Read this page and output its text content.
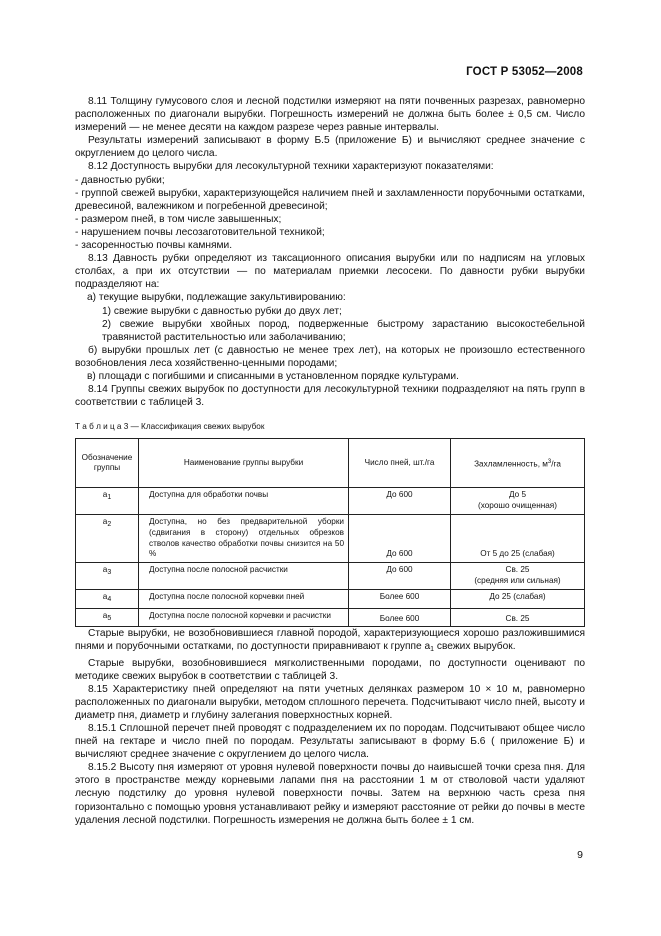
ГОСТ Р 53052—2008

8.11 Толщину гумусового слоя и лесной подстилки измеряют на пяти почвенных разрезах, равномерно расположенных по диагонали вырубки. Погрешность измерений не должна быть более ± 0,5 см. Число измерений — не менее десяти на каждом разрезе через равные интервалы.

Результаты измерений записывают в форму Б.5 (приложение Б) и вычисляют среднее значение с округлением до целого числа.

8.12 Доступность вырубки для лесокультурной техники характеризуют показателями:

- давностью рубки;

- группой свежей вырубки, характеризующейся наличием пней и захламленности порубочными остатками, древесиной, валежником и погребенной древесиной;

- размером пней, в том числе завышенных;

- нарушением почвы лесозаготовительной техникой;

- засоренностью почвы камнями.

8.13 Давность рубки определяют из таксационного описания вырубки или по надписям на угловых столбах, а при их отсутствии — по материалам приемки лесосеки. По давности рубки вырубки подразделяют на:

а) текущие вырубки, подлежащие закультивированию:

1) свежие вырубки с давностью рубки до двух лет;

2) свежие вырубки хвойных пород, подверженные быстрому зарастанию высокостебельной травянистой растительностью или заболачиванию;

б) вырубки прошлых лет (с давностью не менее трех лет), на которых не произошло естественного возобновления леса хозяйственно-ценными породами;

в) площади с погибшими и списанными в установленном порядке культурами.

8.14 Группы свежих вырубок по доступности для лесокультурной техники подразделяют на пять групп в соответствии с таблицей 3.

Т а б л и ц а 3 — Классификация свежих вырубок
Обозначение группы	Наименование группы вырубки	Число пней, шт./га	Захламленность, $м^3/га$
$а_1$	Доступна для обработки почвы	До 600	До 5
(хорошо очищенная)

$а_2$	Доступна, но без предварительной уборки (сдвигания в сторону) отдельных обрезков стволов качество обработки почвы снизится на 50 %	До 600	От 5 до 25 (слабая)
$а_3$	Доступна после полосной расчистки	До 600	Св. 25
(средняя или сильная)

$а_4$	Доступна после полосной корчевки пней	Более 600	До 25 (слабая)
$а_5$	Доступна после полосной корчевки и расчистки	Более 600	Св. 25

Старые вырубки, не возобновившиеся главной породой, характеризующиеся хорошо разложившимися пнями и порубочными остатками, по доступности приравнивают к группе $а_1$ свежих вырубок.

Старые вырубки, возобновившиеся мягколиственными породами, по доступности оценивают по методике свежих вырубок в соответствии с таблицей 3.

8.15 Характеристику пней определяют на пяти учетных делянках размером 10 × 10 м, равномерно расположенных по диагонали вырубки, методом сплошного перечета. Подсчитывают число пней, высоту и диаметр пня, диаметр и глубину залегания поверхностных корней.

8.15.1 Сплошной перечет пней проводят с подразделением их по породам. Подсчитывают общее число пней на гектаре и число пней по породам. Результаты записывают в форму Б.6 ( приложение Б) и вычисляют среднее значение с округлением до целого числа.

8.15.2 Высоту пня измеряют от уровня нулевой поверхности почвы до наивысшей точки среза пня. Для этого в пространстве между корневыми лапами пня на расстоянии 1 м от стволовой части удаляют лесную подстилку до уровня нулевой поверхности почвы. Затем на верхнюю часть среза пня горизонтально с помощью уровня устанавливают рейку и измеряют расстояние от рейки до почвы в месте удаления лесной подстилки. Погрешность измерения не должна быть более ± 1 см.

9
